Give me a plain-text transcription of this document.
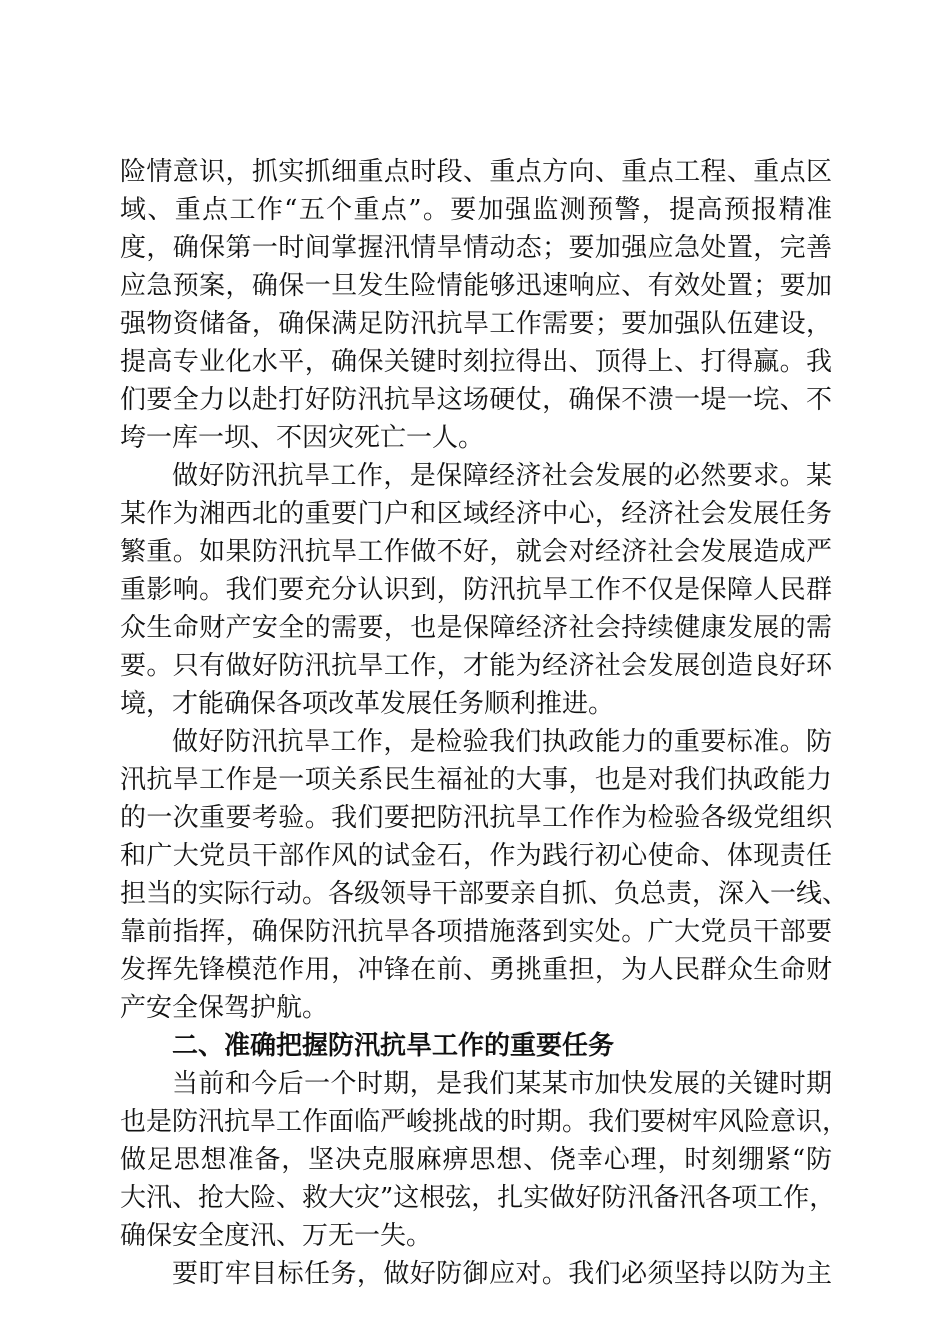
险情意识，抓实抓细重点时段、重点方向、重点工程、重点区
域、重点工作“五个重点”。要加强监测预警，提高预报精准
度，确保第一时间掌握汛情旱情动态；要加强应急处置，完善
应急预案，确保一旦发生险情能够迅速响应、有效处置；要加
强物资储备，确保满足防汛抗旱工作需要；要加强队伍建设，
提高专业化水平，确保关键时刻拉得出、顶得上、打得赢。我
们要全力以赴打好防汛抗旱这场硬仗，确保不溃一堤一垸、不
垮一库一坝、不因灾死亡一人。
做好防汛抗旱工作，是保障经济社会发展的必然要求。某
某作为湘西北的重要门户和区域经济中心，经济社会发展任务
繁重。如果防汛抗旱工作做不好，就会对经济社会发展造成严
重影响。我们要充分认识到，防汛抗旱工作不仅是保障人民群
众生命财产安全的需要，也是保障经济社会持续健康发展的需
要。只有做好防汛抗旱工作，才能为经济社会发展创造良好环
境，才能确保各项改革发展任务顺利推进。
做好防汛抗旱工作，是检验我们执政能力的重要标准。防
汛抗旱工作是一项关系民生福祉的大事，也是对我们执政能力
的一次重要考验。我们要把防汛抗旱工作作为检验各级党组织
和广大党员干部作风的试金石，作为践行初心使命、体现责任
担当的实际行动。各级领导干部要亲自抓、负总责，深入一线、
靠前指挥，确保防汛抗旱各项措施落到实处。广大党员干部要
发挥先锋模范作用，冲锋在前、勇挑重担，为人民群众生命财
产安全保驾护航。
二、准确把握防汛抗旱工作的重要任务
当前和今后一个时期，是我们某某市加快发展的关键时期
也是防汛抗旱工作面临严峻挑战的时期。我们要树牢风险意识，
做足思想准备，坚决克服麻痹思想、侥幸心理，时刻绷紧“防
大汛、抢大险、救大灾”这根弦，扎实做好防汛备汛各项工作，
确保安全度汛、万无一失。
要盯牢目标任务，做好防御应对。我们必须坚持以防为主
